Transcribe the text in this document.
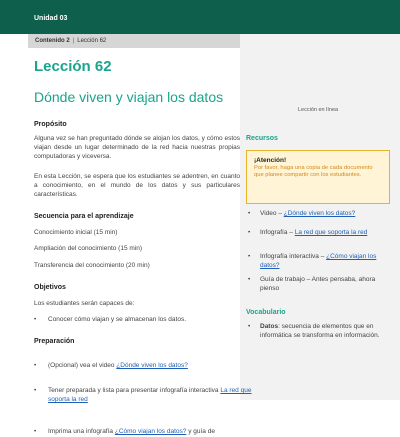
Unidad 03
Contenido 2 | Lección 62
Lección 62
Dónde viven y viajan los datos
Lección en línea
Propósito
Alguna vez se han preguntado dónde se alojan los datos, y cómo estos viajan desde un lugar determinado de la red hacia nuestras propias computadoras y viceversa.
En esta Lección, se espera que los estudiantes se adentren, en cuanto a conocimiento, en el mundo de los datos y sus particulares características.
Secuencia para el aprendizaje
Conocimiento inicial (15 min)
Ampliación del conocimiento (15 min)
Transferencia del conocimiento (20 min)
Objetivos
Los estudiantes serán capaces de:
• Conocer cómo viajan y se almacenan los datos.
Preparación
• (Opcional) vea el video ¿Dónde viven los datos?
• Tener preparada y lista para presentar infografía interactiva La red que soporta la red
• Imprima una infografía ¿Cómo viajan los datos? y guía de
Recursos
¡Atención!
Por favor, haga una copia de cada documento que planee compartir con los estudiantes.
• Video – ¿Dónde viven los datos?
• Infografía – La red que soporta la red
• Infografía interactiva – ¿Cómo viajan los datos?
• Guía de trabajo – Antes pensaba, ahora pienso
Vocabulario
• Datos: secuencia de elementos que en informática se transforma en información.
